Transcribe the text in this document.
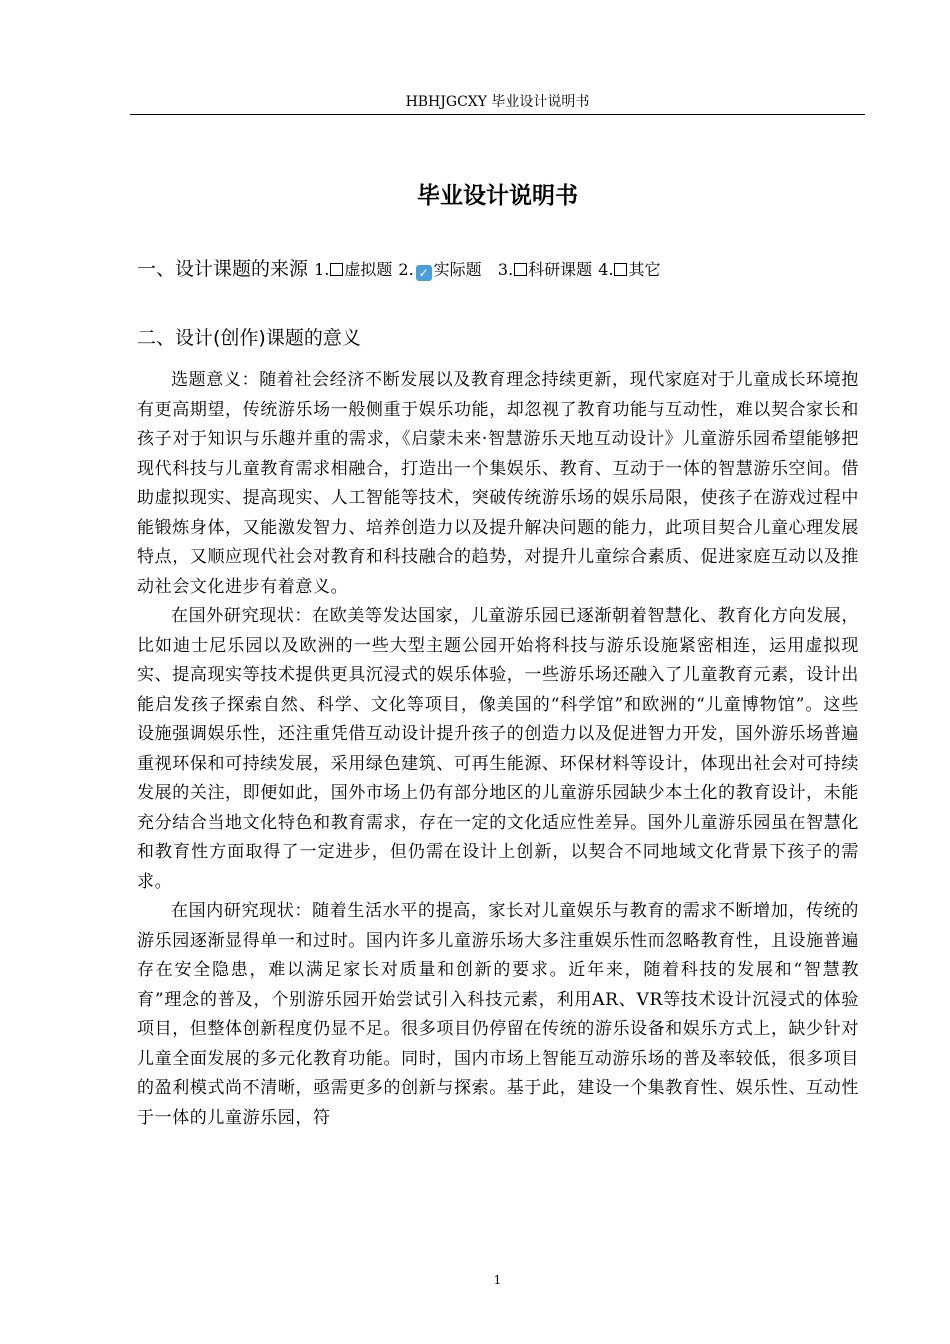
HBHJGCXY 毕业设计说明书
毕业设计说明书
一、设计课题的来源 1. 虚拟题 2. ✓ 实际题 3. 科研课题 4. 其它
二、设计(创作)课题的意义

选题意义：随着社会经济不断发展以及教育理念持续更新，现代家庭对于儿童成长环境抱有更高期望，传统游乐场一般侧重于娱乐功能，却忽视了教育功能与互动性，难以契合家长和孩子对于知识与乐趣并重的需求，《启蒙未来·智慧游乐天地互动设计》儿童游乐园希望能够把现代科技与儿童教育需求相融合，打造出一个集娱乐、教育、互动于一体的智慧游乐空间。借助虚拟现实、提高现实、人工智能等技术，突破传统游乐场的娱乐局限，使孩子在游戏过程中能锻炼身体，又能激发智力、培养创造力以及提升解决问题的能力，此项目契合儿童心理发展特点，又顺应现代社会对教育和科技融合的趋势，对提升儿童综合素质、促进家庭互动以及推动社会文化进步有着意义。

在国外研究现状：在欧美等发达国家，儿童游乐园已逐渐朝着智慧化、教育化方向发展，比如迪士尼乐园以及欧洲的一些大型主题公园开始将科技与游乐设施紧密相连，运用虚拟现实、提高现实等技术提供更具沉浸式的娱乐体验，一些游乐场还融入了儿童教育元素，设计出能启发孩子探索自然、科学、文化等项目，像美国的“科学馆”和欧洲的“儿童博物馆”。这些设施强调娱乐性，还注重凭借互动设计提升孩子的创造力以及促进智力开发，国外游乐场普遍重视环保和可持续发展，采用绿色建筑、可再生能源、环保材料等设计，体现出社会对可持续发展的关注，即便如此，国外市场上仍有部分地区的儿童游乐园缺少本土化的教育设计，未能充分结合当地文化特色和教育需求，存在一定的文化适应性差异。国外儿童游乐园虽在智慧化和教育性方面取得了一定进步，但仍需在设计上创新，以契合不同地域文化背景下孩子的需求。

在国内研究现状：随着生活水平的提高，家长对儿童娱乐与教育的需求不断增加，传统的游乐园逐渐显得单一和过时。国内许多儿童游乐场大多注重娱乐性而忽略教育性，且设施普遍存在安全隐患，难以满足家长对质量和创新的要求。近年来，随着科技的发展和“智慧教育”理念的普及，个别游乐园开始尝试引入科技元素，利用AR、VR等技术设计沉浸式的体验项目，但整体创新程度仍显不足。很多项目仍停留在传统的游乐设备和娱乐方式上，缺少针对儿童全面发展的多元化教育功能。同时，国内市场上智能互动游乐场的普及率较低，很多项目的盈利模式尚不清晰，亟需更多的创新与探索。基于此，建设一个集教育性、娱乐性、互动性于一体的儿童游乐园，符

1
